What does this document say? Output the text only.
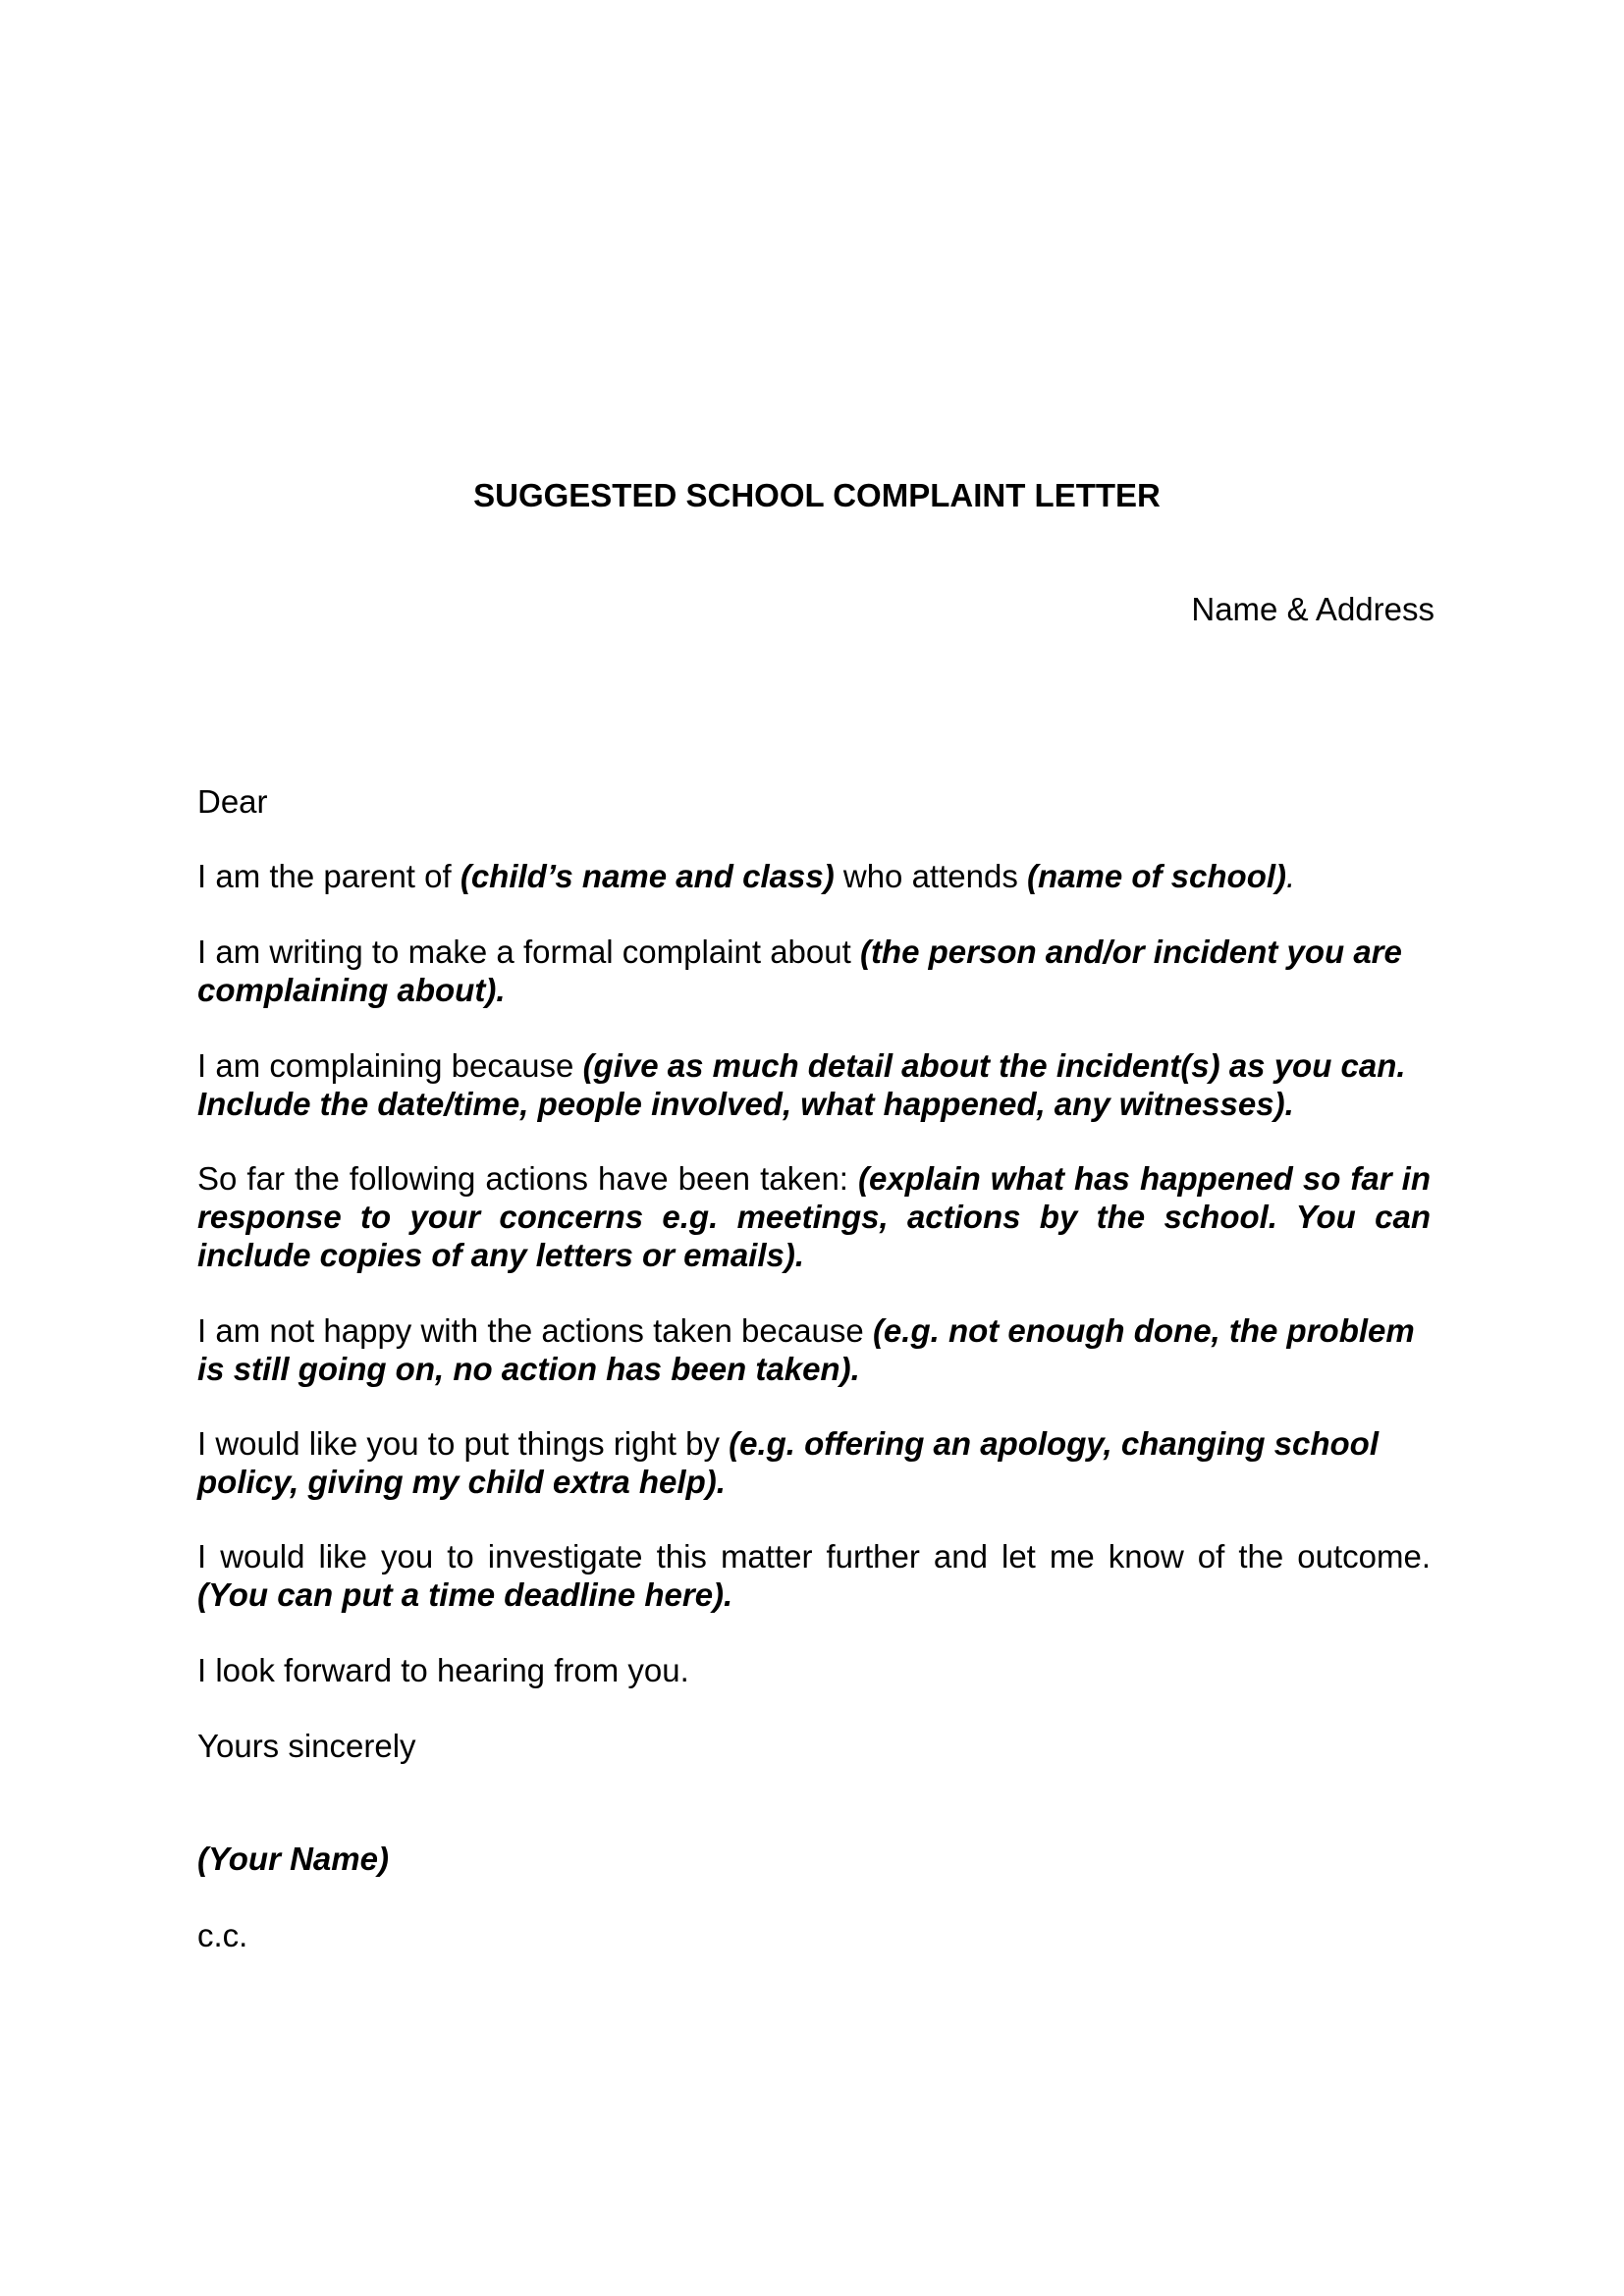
SUGGESTED SCHOOL COMPLAINT LETTER

Name & Address

Dear

I am the parent of (child’s name and class) who attends (name of school).

I am writing to make a formal complaint about (the person and/or incident you are complaining about).

I am complaining because (give as much detail about the incident(s) as you can. Include the date/time, people involved, what happened, any witnesses).

So far the following actions have been taken: (explain what has happened so far in response to your concerns e.g. meetings, actions by the school. You can include copies of any letters or emails).

I am not happy with the actions taken because (e.g. not enough done, the problem is still going on, no action has been taken).

I would like you to put things right by (e.g. offering an apology, changing school policy, giving my child extra help).

I would like you to investigate this matter further and let me know of the outcome. (You can put a time deadline here).

I look forward to hearing from you.

Yours sincerely

(Your Name)

c.c.
